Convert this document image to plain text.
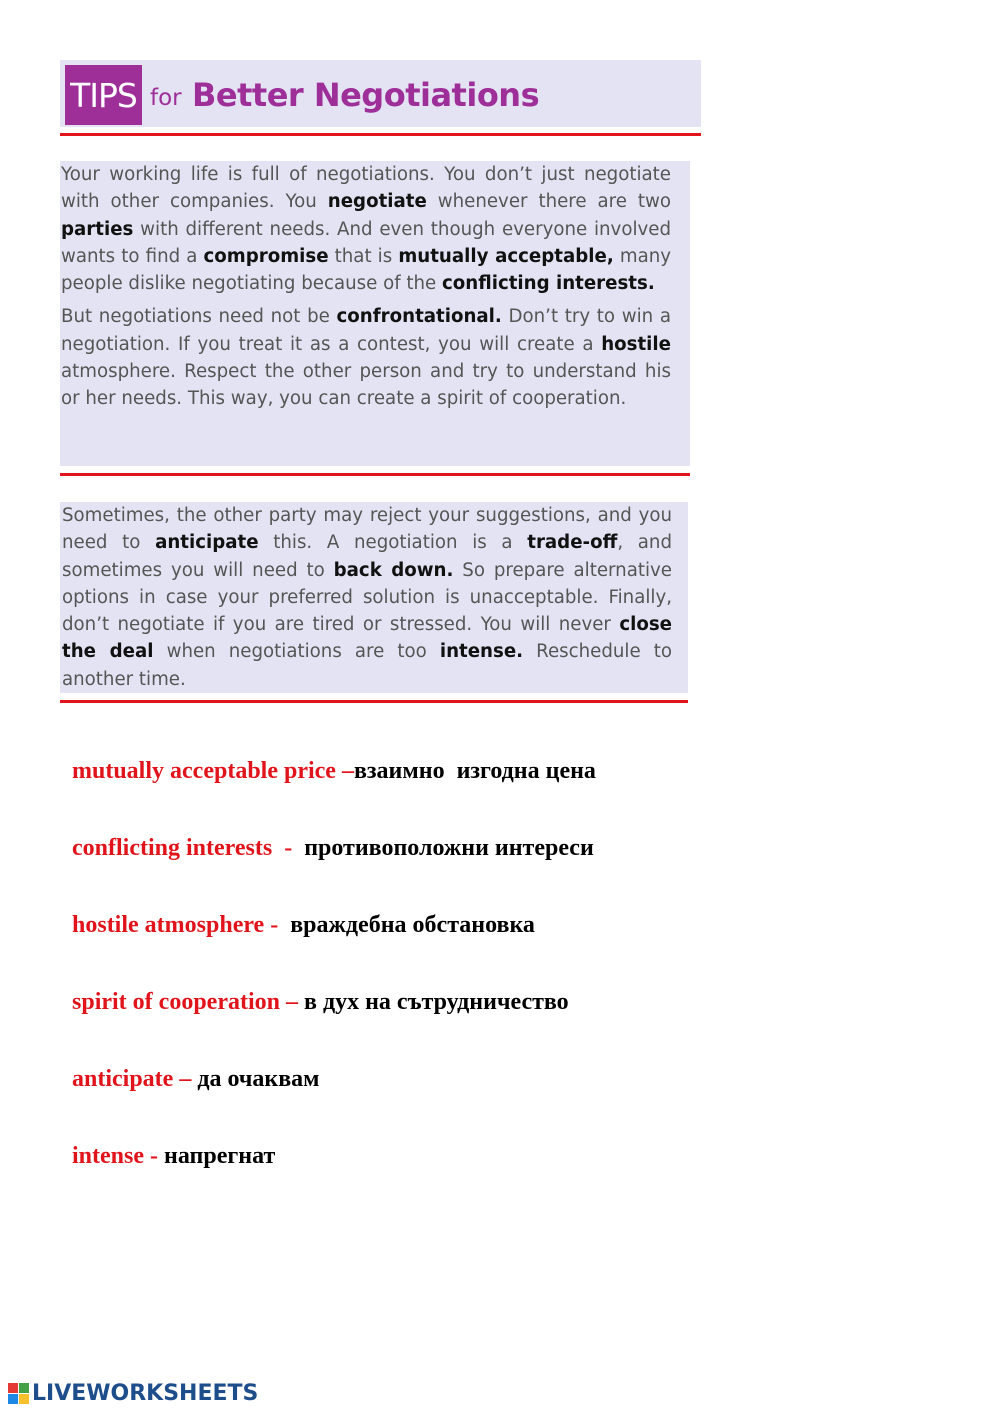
TIPS for Better Negotiations

Your working life is full of negotiations. You don’t just negotiate with other companies. You negotiate whenever there are two parties with different needs. And even though everyone involved wants to find a compromise that is mutually acceptable, many people dislike negotiating because of the conflicting interests.

But negotiations need not be confrontational. Don’t try to win a negotiation. If you treat it as a contest, you will create a hostile atmosphere. Respect the other person and try to understand his or her needs. This way, you can create a spirit of cooperation.

Sometimes, the other party may reject your suggestions, and you need to anticipate this. A negotiation is a trade-off, and sometimes you will need to back down. So prepare alternative options in case your preferred solution is unacceptable. Finally, don’t negotiate if you are tired or stressed. You will never close the deal when negotiations are too intense. Reschedule to another time.

mutually acceptable price –взаимно  изгодна цена

conflicting interests  -  противоположни интереси

hostile atmosphere -  враждебна обстановка

spirit of cooperation – в дух на сътрудничество

anticipate – да очаквам

intense - напрегнат

LIVEWORKSHEETS
